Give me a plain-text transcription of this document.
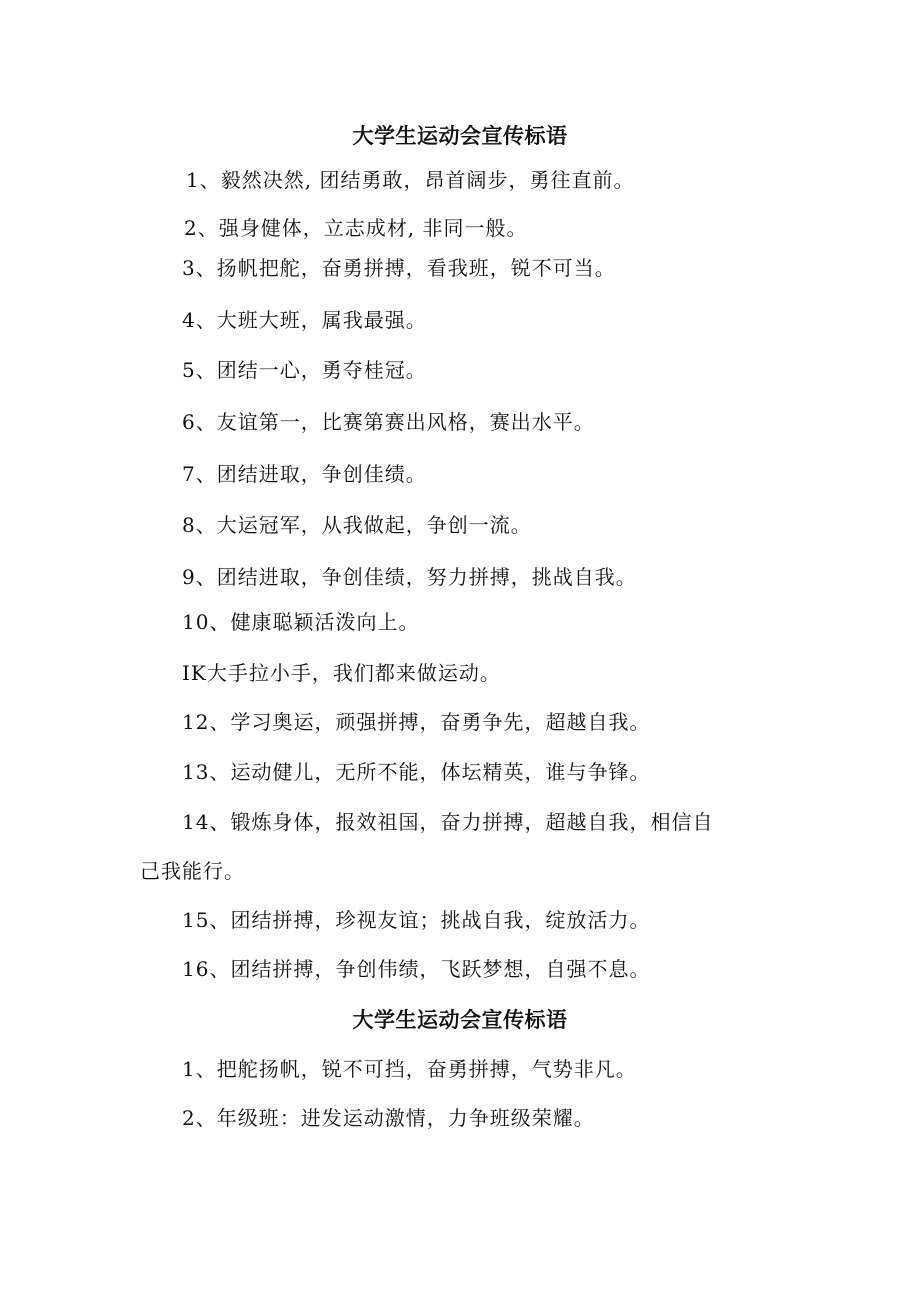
大学生运动会宣传标语
1、毅然决然, 团结勇敢，昂首阔步，勇往直前。
2、强身健体，立志成材, 非同一般。
3、扬帆把舵，奋勇拼搏，看我班，锐不可当。
4、大班大班，属我最强。
5、团结一心，勇夺桂冠。
6、友谊第一，比赛第赛出风格，赛出水平。
7、团结进取，争创佳绩。
8、大运冠军，从我做起，争创一流。
9、团结进取，争创佳绩，努力拼搏，挑战自我。
10、健康聪颖活泼向上。
IK大手拉小手，我们都来做运动。
12、学习奥运，顽强拼搏，奋勇争先，超越自我。
13、运动健儿，无所不能，体坛精英，谁与争锋。
14、锻炼身体，报效祖国，奋力拼搏，超越自我，相信自
己我能行。
15、团结拼搏，珍视友谊；挑战自我，绽放活力。
16、团结拼搏，争创伟绩，飞跃梦想，自强不息。
大学生运动会宣传标语
1、把舵扬帆，锐不可挡，奋勇拼搏，气势非凡。
2、年级班：进发运动激情，力争班级荣耀。
